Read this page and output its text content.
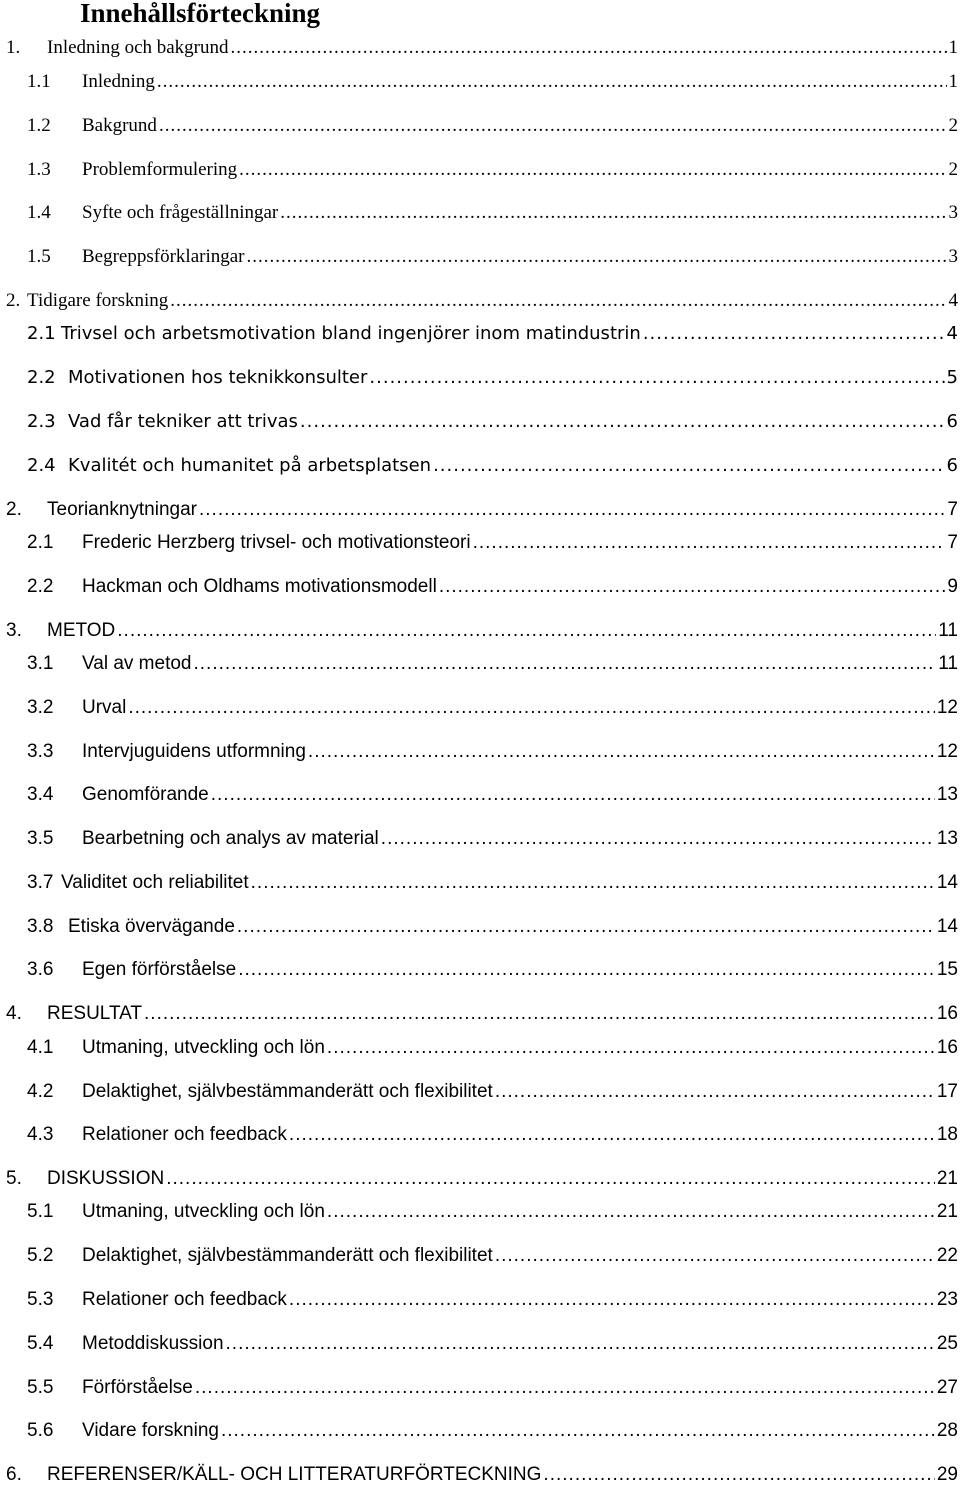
Innehållsförteckning
1.	Inledning och bakgrund .....	1
1.1	Inledning .....	1
1.2	Bakgrund .....	2
1.3	Problemformulering .....	2
1.4	Syfte och frågeställningar .....	3
1.5	Begreppsförklaringar .....	3
2. Tidigare forskning .....	4
2.1 Trivsel och arbetsmotivation bland ingenjörer inom matindustrin .....	4
2.2 Motivationen hos teknikkonsulter .....	5
2.3 Vad får tekniker att trivas .....	6
2.4 Kvalitét och humanitet på arbetsplatsen .....	6
2.	Teorianknytningar .....	7
2.1	Frederic Herzberg trivsel- och motivationsteori .....	7
2.2	Hackman och Oldhams motivationsmodell .....	9
3.	METOD .....	11
3.1	Val av metod .....	11
3.2	Urval .....	12
3.3	Intervjuguidens utformning .....	12
3.4	Genomförande .....	13
3.5	Bearbetning och analys av material .....	13
3.7 Validitet och reliabilitet .....	14
3.8 Etiska övervägande .....	14
3.6	Egen förförståelse .....	15
4.	RESULTAT .....	16
4.1	Utmaning, utveckling och lön .....	16
4.2	Delaktighet, självbestämmanderätt och flexibilitet .....	17
4.3	Relationer och feedback .....	18
5.	DISKUSSION .....	21
5.1	Utmaning, utveckling och lön .....	21
5.2	Delaktighet, självbestämmanderätt och flexibilitet .....	22
5.3	Relationer och feedback .....	23
5.4	Metoddiskussion .....	25
5.5	Förförståelse .....	27
5.6	Vidare forskning .....	28
6.	REFERENSER/KÄLL- OCH LITTERATURFÖRTECKNING .....	29
